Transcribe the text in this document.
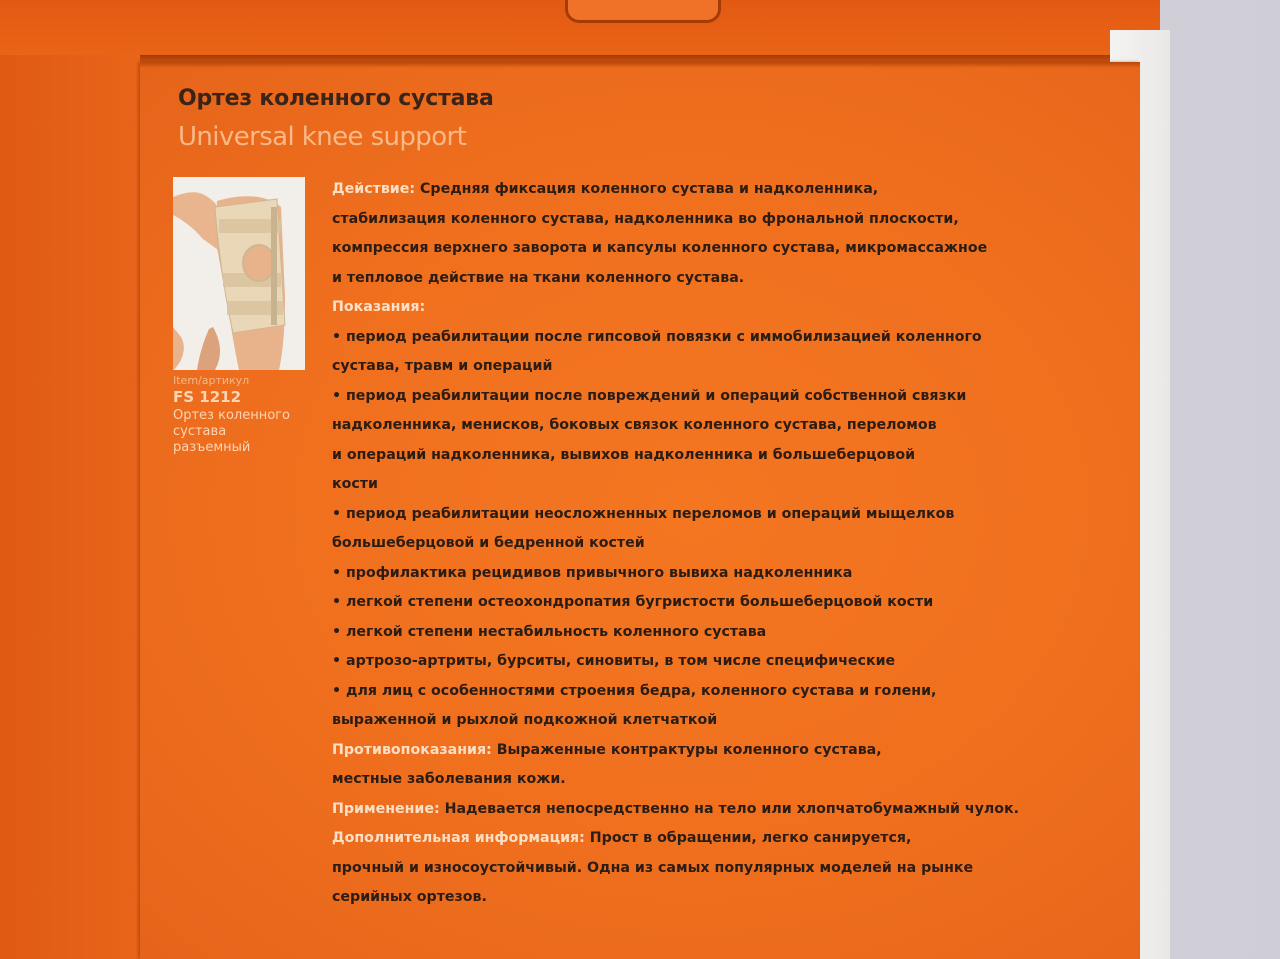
Ортез коленного сустава
Universal knee support
Item/артикул
FS 1212
Ортез коленного
сустава
разъемный

Действие: Средняя фиксация коленного сустава и надколенника,

стабилизация коленного сустава, надколенника во фрональной плоскости,

компрессия верхнего заворота и капсулы коленного сустава, микромассажное

и тепловое действие на ткани коленного сустава.

Показания:

• период реабилитации после гипсовой повязки с иммобилизацией коленного

сустава, травм и операций

• период реабилитации после повреждений и операций собственной связки

надколенника, менисков, боковых связок коленного сустава, переломов

и операций надколенника, вывихов надколенника и большеберцовой

кости

• период реабилитации неосложненных переломов и операций мыщелков

большеберцовой и бедренной костей

• профилактика рецидивов привычного вывиха надколенника

• легкой степени остеохондропатия бугристости большеберцовой кости

• легкой степени нестабильность коленного сустава

• артрозо-артриты, бурситы, синовиты, в том числе специфические

• для лиц с особенностями строения бедра, коленного сустава и голени,

выраженной и рыхлой подкожной клетчаткой

Противопоказания: Выраженные контрактуры коленного сустава,

местные заболевания кожи.

Применение: Надевается непосредственно на тело или хлопчатобумажный чулок.

Дополнительная информация: Прост в обращении, легко санируется,

прочный и износоустойчивый. Одна из самых популярных моделей на рынке

серийных ортезов.
